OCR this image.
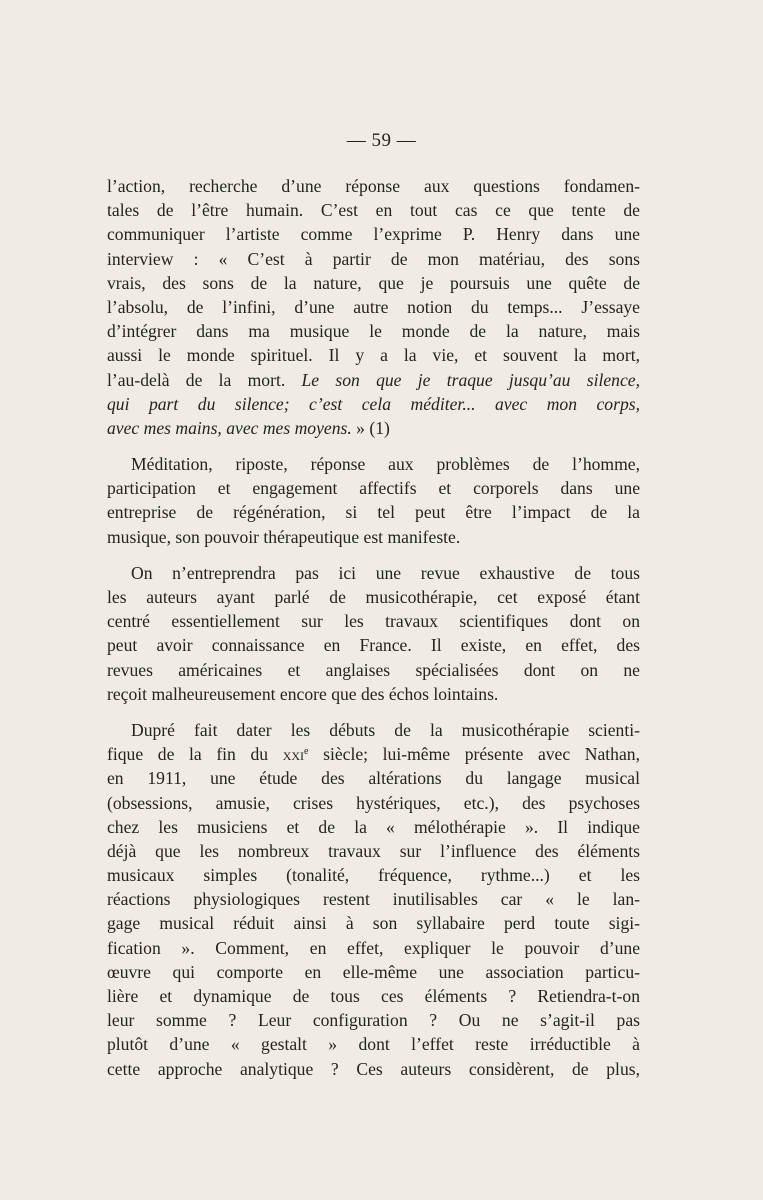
— 59 —
l’action, recherche d’une réponse aux questions fondamen-
tales de l’être humain. C’est en tout cas ce que tente de
communiquer l’artiste comme l’exprime P. Henry dans une
interview : « C’est à partir de mon matériau, des sons
vrais, des sons de la nature, que je poursuis une quête de
l’absolu, de l’infini, d’une autre notion du temps... J’essaye
d’intégrer dans ma musique le monde de la nature, mais
aussi le monde spirituel. Il y a la vie, et souvent la mort,
l’au-delà de la mort. Le son que je traque jusqu’au silence,
qui part du silence; c’est cela méditer... avec mon corps,
avec mes mains, avec mes moyens. » (1)
Méditation, riposte, réponse aux problèmes de l’homme,
participation et engagement affectifs et corporels dans une
entreprise de régénération, si tel peut être l’impact de la
musique, son pouvoir thérapeutique est manifeste.
On n’entreprendra pas ici une revue exhaustive de tous
les auteurs ayant parlé de musicothérapie, cet exposé étant
centré essentiellement sur les travaux scientifiques dont on
peut avoir connaissance en France. Il existe, en effet, des
revues américaines et anglaises spécialisées dont on ne
reçoit malheureusement encore que des échos lointains.
Dupré fait dater les débuts de la musicothérapie scienti-
fique de la fin du xxi$^e$ siècle; lui-même présente avec Nathan,
en 1911, une étude des altérations du langage musical
(obsessions, amusie, crises hystériques, etc.), des psychoses
chez les musiciens et de la « mélothérapie ». Il indique
déjà que les nombreux travaux sur l’influence des éléments
musicaux simples (tonalité, fréquence, rythme...) et les
réactions physiologiques restent inutilisables car « le lan-
gage musical réduit ainsi à son syllabaire perd toute sigi-
fication ». Comment, en effet, expliquer le pouvoir d’une
œuvre qui comporte en elle-même une association particu-
lière et dynamique de tous ces éléments ? Retiendra-t-on
leur somme ? Leur configuration ? Ou ne s’agit-il pas
plutôt d’une « gestalt » dont l’effet reste irréductible à
cette approche analytique ? Ces auteurs considèrent, de plus,
